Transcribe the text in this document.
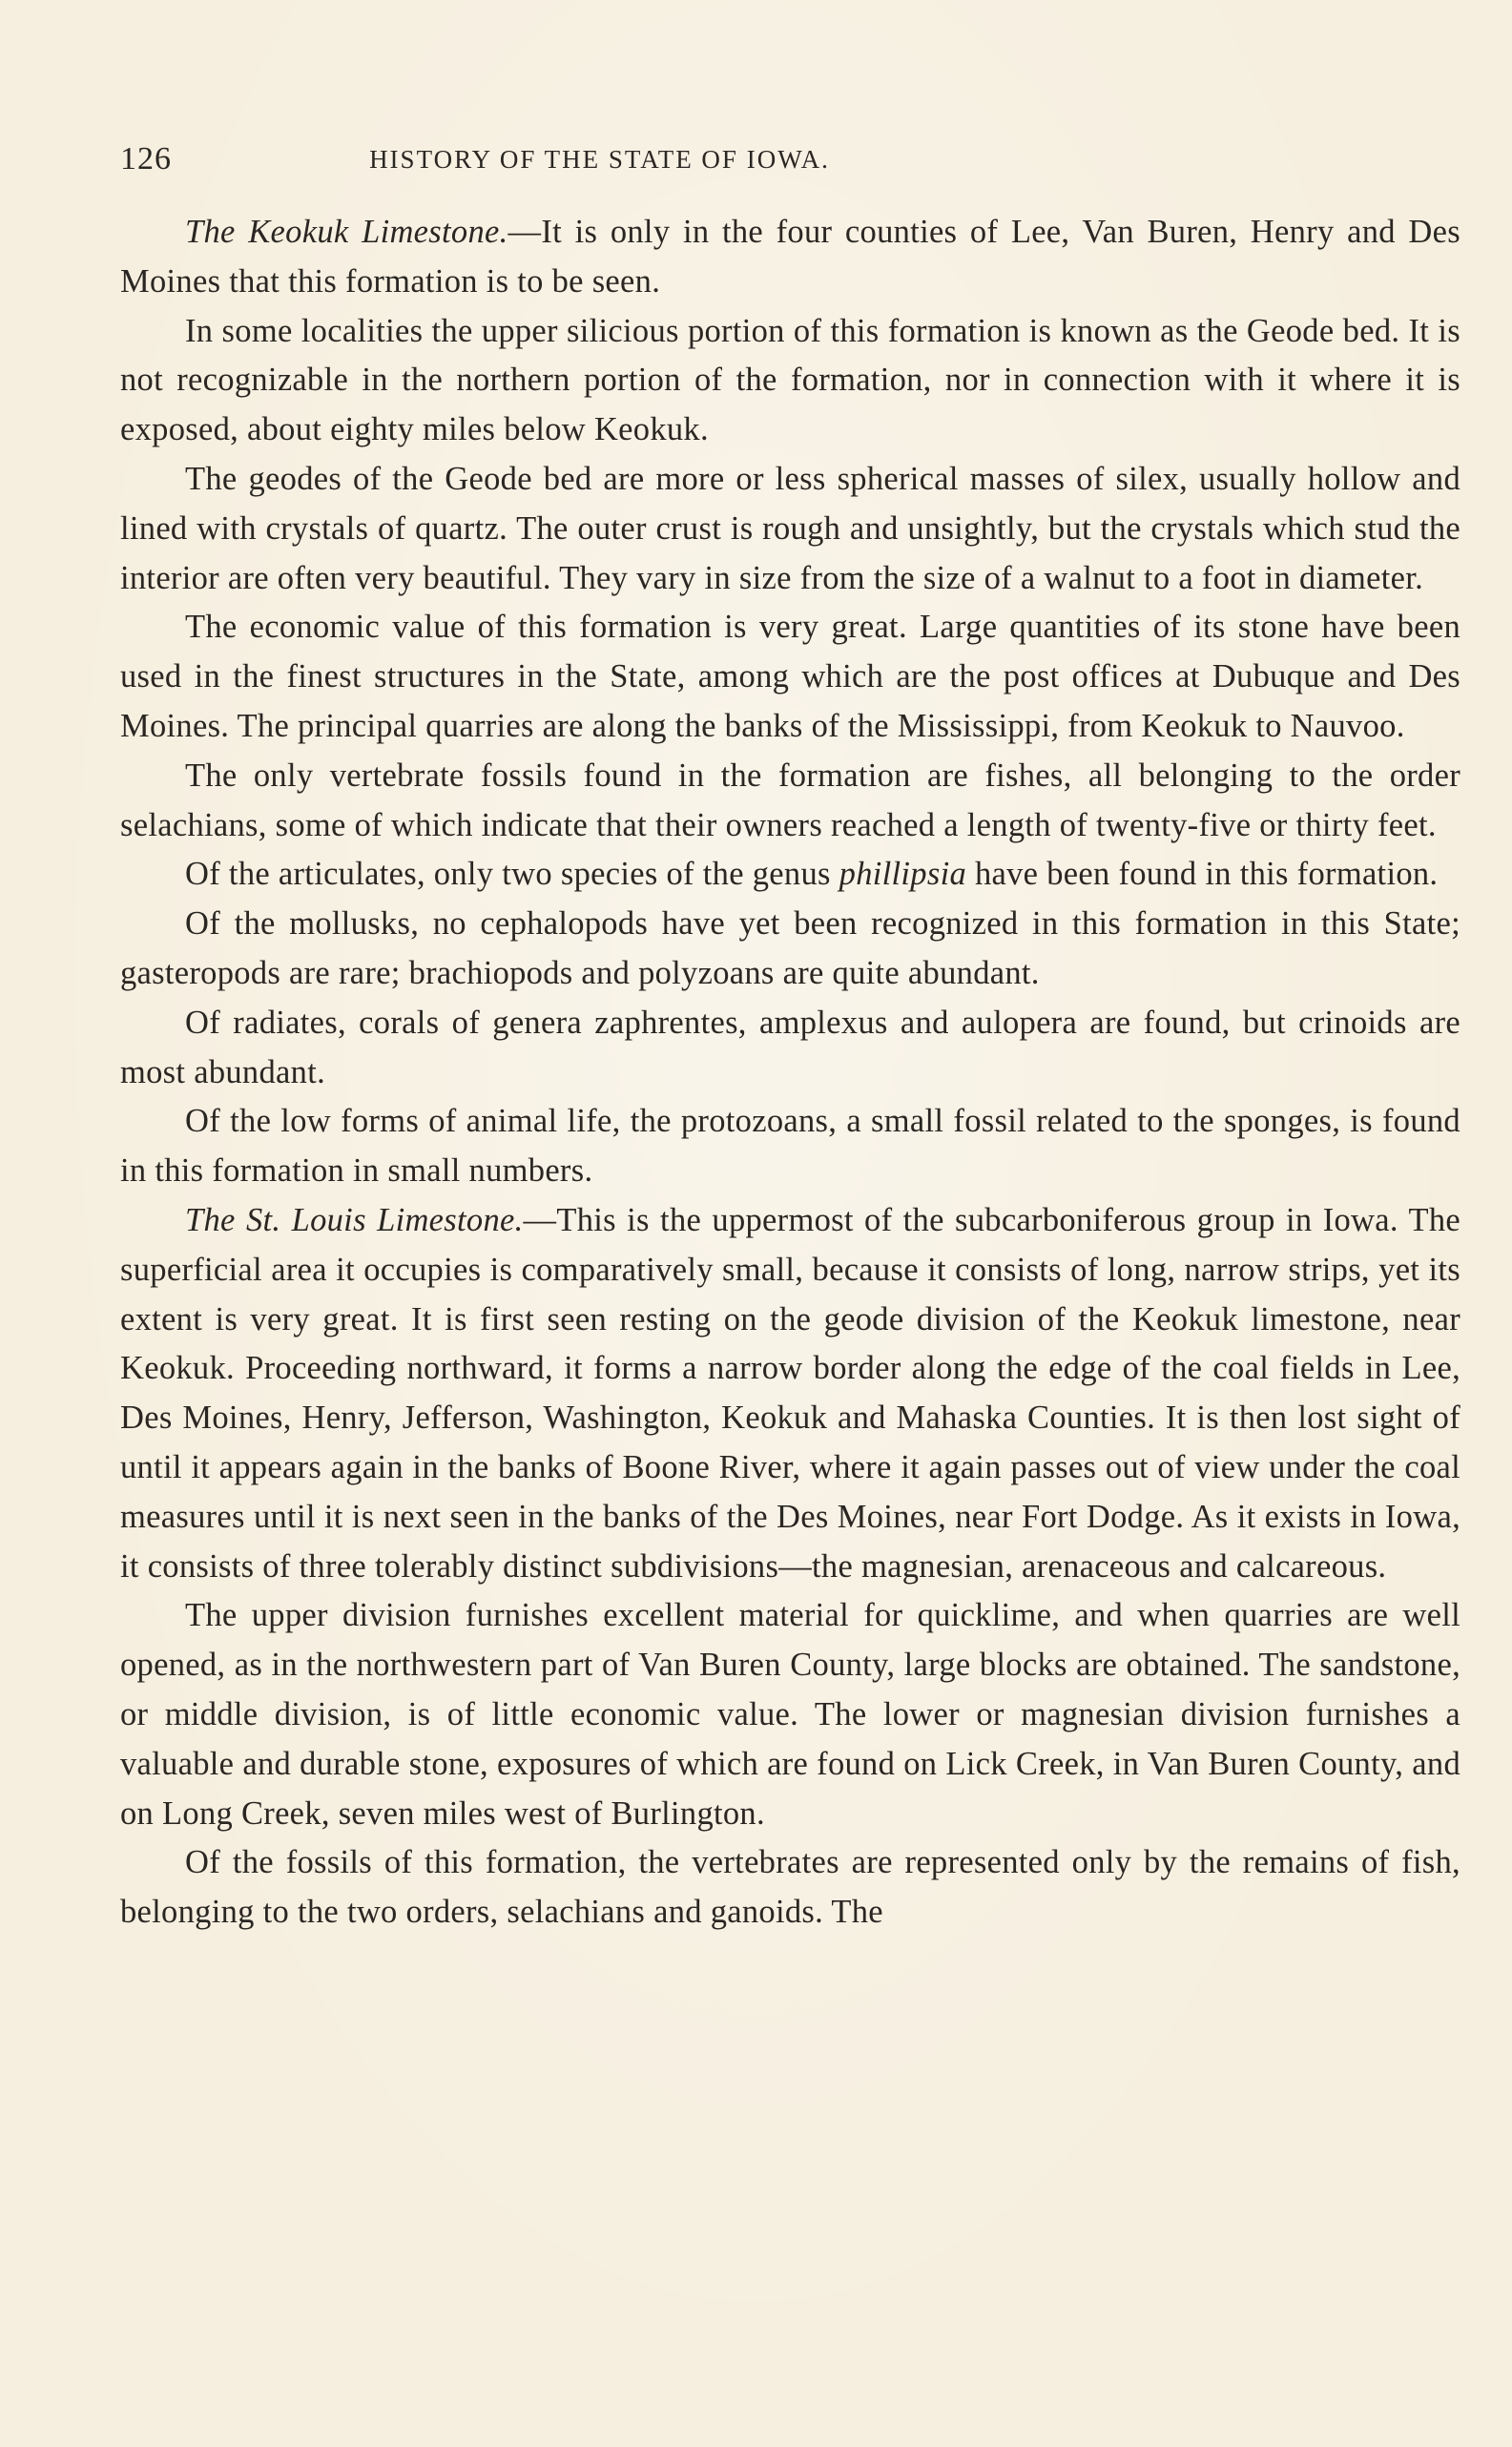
126	HISTORY OF THE STATE OF IOWA.

The Keokuk Limestone.—It is only in the four counties of Lee, Van Buren, Henry and Des Moines that this formation is to be seen.

In some localities the upper silicious portion of this formation is known as the Geode bed. It is not recognizable in the northern portion of the formation, nor in connection with it where it is exposed, about eighty miles below Keokuk.

The geodes of the Geode bed are more or less spherical masses of silex, usually hollow and lined with crystals of quartz. The outer crust is rough and unsightly, but the crystals which stud the interior are often very beautiful. They vary in size from the size of a walnut to a foot in diameter.

The economic value of this formation is very great. Large quantities of its stone have been used in the finest structures in the State, among which are the post offices at Dubuque and Des Moines. The principal quarries are along the banks of the Mississippi, from Keokuk to Nauvoo.

The only vertebrate fossils found in the formation are fishes, all belonging to the order selachians, some of which indicate that their owners reached a length of twenty-five or thirty feet.

Of the articulates, only two species of the genus phillipsia have been found in this formation.

Of the mollusks, no cephalopods have yet been recognized in this formation in this State; gasteropods are rare; brachiopods and polyzoans are quite abundant.

Of radiates, corals of genera zaphrentes, amplexus and aulopera are found, but crinoids are most abundant.

Of the low forms of animal life, the protozoans, a small fossil related to the sponges, is found in this formation in small numbers.

The St. Louis Limestone.—This is the uppermost of the subcarboniferous group in Iowa. The superficial area it occupies is comparatively small, because it consists of long, narrow strips, yet its extent is very great. It is first seen resting on the geode division of the Keokuk limestone, near Keokuk. Proceeding northward, it forms a narrow border along the edge of the coal fields in Lee, Des Moines, Henry, Jefferson, Washington, Keokuk and Mahaska Counties. It is then lost sight of until it appears again in the banks of Boone River, where it again passes out of view under the coal measures until it is next seen in the banks of the Des Moines, near Fort Dodge. As it exists in Iowa, it consists of three tolerably distinct subdivisions—the magnesian, arenaceous and calcareous.

The upper division furnishes excellent material for quicklime, and when quarries are well opened, as in the northwestern part of Van Buren County, large blocks are obtained. The sandstone, or middle division, is of little economic value. The lower or magnesian division furnishes a valuable and durable stone, exposures of which are found on Lick Creek, in Van Buren County, and on Long Creek, seven miles west of Burlington.

Of the fossils of this formation, the vertebrates are represented only by the remains of fish, belonging to the two orders, selachians and ganoids. The
